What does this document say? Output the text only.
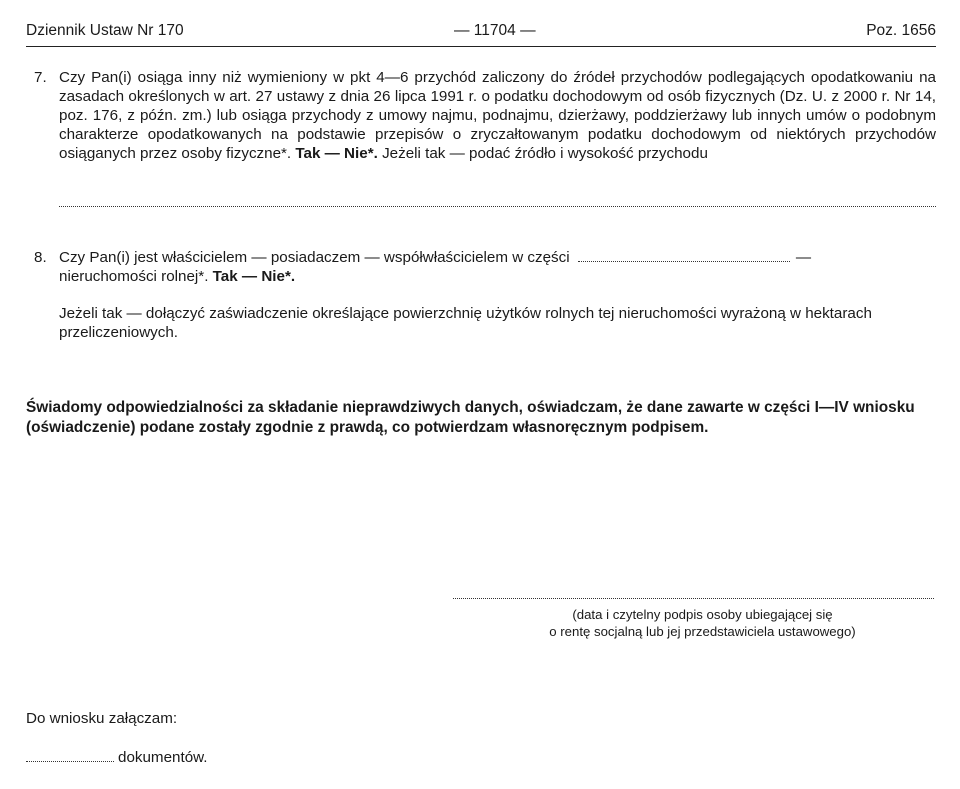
Dziennik Ustaw Nr 170	— 11704 —	Poz. 1656
7. Czy Pan(i) osiąga inny niż wymieniony w pkt 4—6 przychód zaliczony do źródeł przychodów podlegających opodatkowaniu na zasadach określonych w art. 27 ustawy z dnia 26 lipca 1991 r. o podatku dochodowym od osób fizycznych (Dz. U. z 2000 r. Nr 14, poz. 176, z późn. zm.) lub osiąga przychody z umowy najmu, podnajmu, dzierżawy, poddzierżawy lub innych umów o podobnym charakterze opodatkowanych na podstawie przepisów o zryczałtowanym podatku dochodowym od niektórych przychodów osiąganych przez osoby fizyczne*. Tak — Nie*. Jeżeli tak — podać źródło i wysokość przychodu
8. Czy Pan(i) jest właścicielem — posiadaczem — współwłaścicielem w części	—
nieruchomości rolnej*. Tak — Nie*.
Jeżeli tak — dołączyć zaświadczenie określające powierzchnię użytków rolnych tej nieruchomości wyrażoną w hektarach przeliczeniowych.
Świadomy odpowiedzialności za składanie nieprawdziwych danych, oświadczam, że dane zawarte w części I—IV wniosku (oświadczenie) podane zostały zgodnie z prawdą, co potwierdzam własnoręcznym podpisem.
(data i czytelny podpis osoby ubiegającej się
o rentę socjalną lub jej przedstawiciela ustawowego)
Do wniosku załączam:
dokumentów.
